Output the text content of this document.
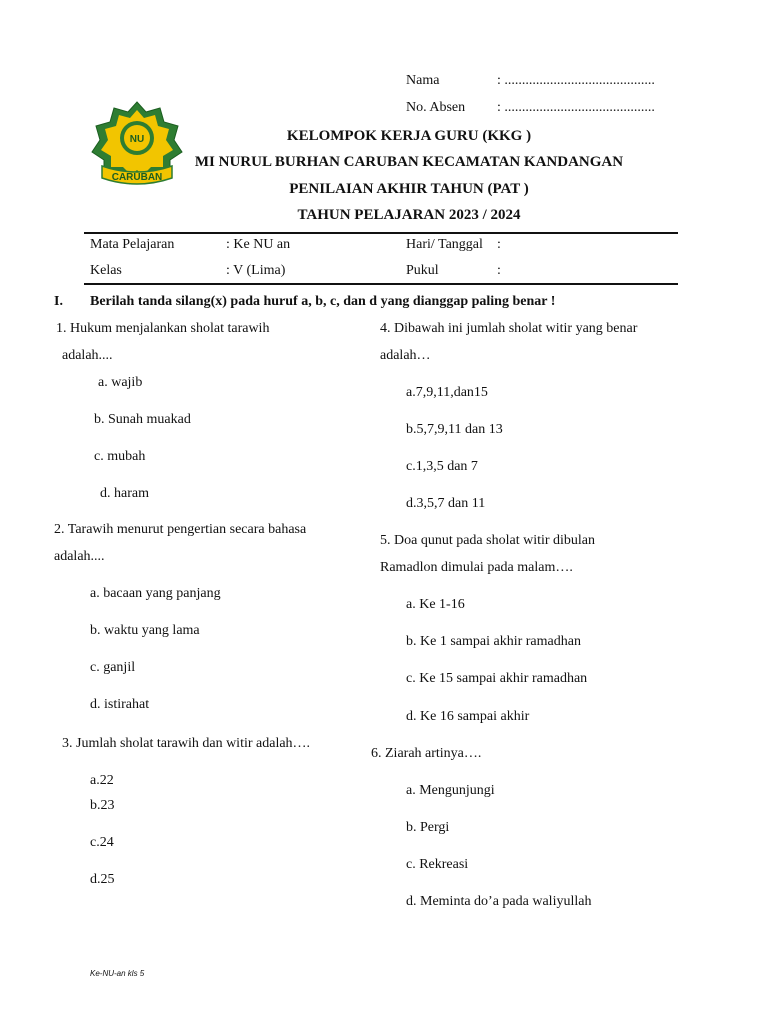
Nama	: ...........................................
No. Absen : ...........................................
NU
CARUBAN
KELOMPOK KERJA GURU (KKG )
MI NURUL BURHAN CARUBAN KECAMATAN KANDANGAN
PENILAIAN AKHIR TAHUN (PAT )
TAHUN PELAJARAN 2023 / 2024
Mata Pelajaran	: Ke NU an	Hari/ Tanggal :
Kelas	: V (Lima)	Pukul	:
I. Berilah tanda silang(x) pada huruf a, b, c, dan d yang dianggap paling benar !
1. Hukum menjalankan sholat tarawih
adalah....
a. wajib
b. Sunah muakad
c. mubah
d. haram
2. Tarawih menurut pengertian secara bahasa
adalah....
a. bacaan yang panjang
b. waktu yang lama
c. ganjil
d. istirahat
3. Jumlah sholat tarawih dan witir adalah….
a.22
b.23
c.24
d.25
4. Dibawah ini jumlah sholat witir yang benar
adalah…
a.7,9,11,dan15
b.5,7,9,11 dan 13
c.1,3,5 dan 7
d.3,5,7 dan 11
5. Doa qunut pada sholat witir dibulan
Ramadlon dimulai pada malam….
a. Ke 1-16
b. Ke 1 sampai akhir ramadhan
c. Ke 15 sampai akhir ramadhan
d. Ke 16 sampai akhir
6. Ziarah artinya….
a. Mengunjungi
b. Pergi
c. Rekreasi
d. Meminta do’a pada waliyullah
Ke-NU-an kls 5
